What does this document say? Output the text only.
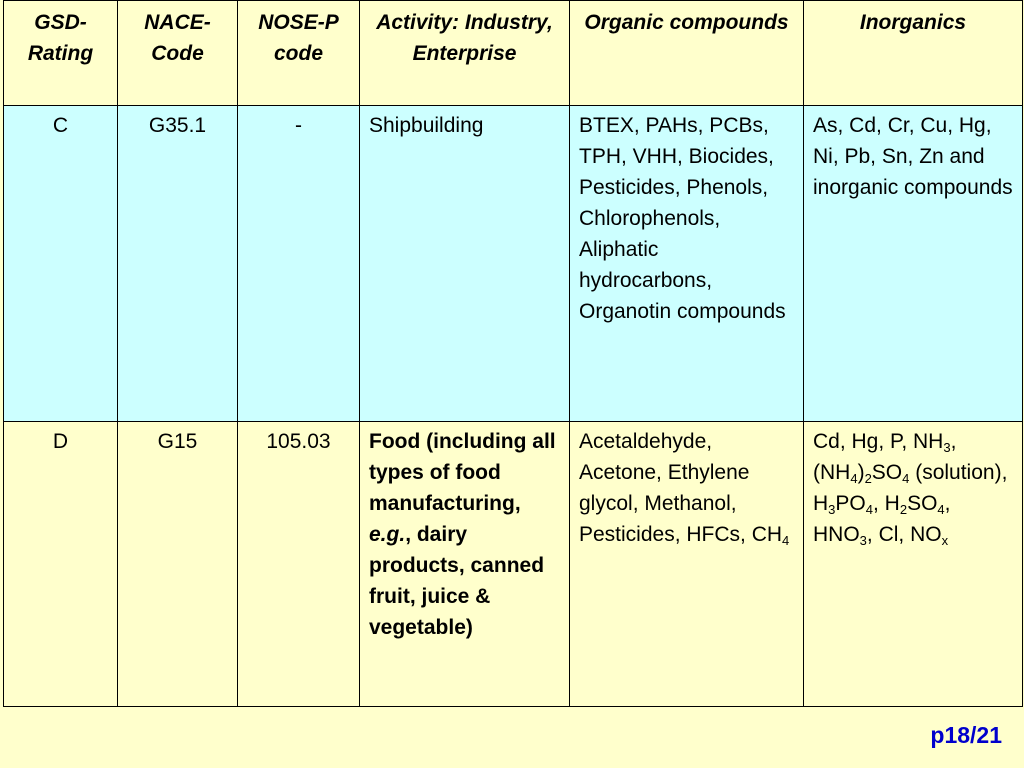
GSD-Rating	NACE-Code	NOSE-P code	Activity: Industry, Enterprise	Organic compounds	Inorganics
C	G35.1	-	Shipbuilding	BTEX, PAHs, PCBs, TPH, VHH, Biocides, Pesticides, Phenols, Chlorophenols, Aliphatic hydrocarbons, Organotin compounds	As, Cd, Cr, Cu, Hg, Ni, Pb, Sn, Zn and inorganic compounds
D	G15	105.03	Food (including all types of food manufacturing, e.g., dairy products, canned fruit, juice & vegetable)	Acetaldehyde, Acetone, Ethylene glycol, Methanol, Pesticides, HFCs, $CH_4$	Cd, Hg, P, $NH_3$, $(NH_4)_2SO_4$ (solution), $H_3PO_4$, $H_2SO_4$, $HNO_3$, Cl, $NO_x$
p18/21
